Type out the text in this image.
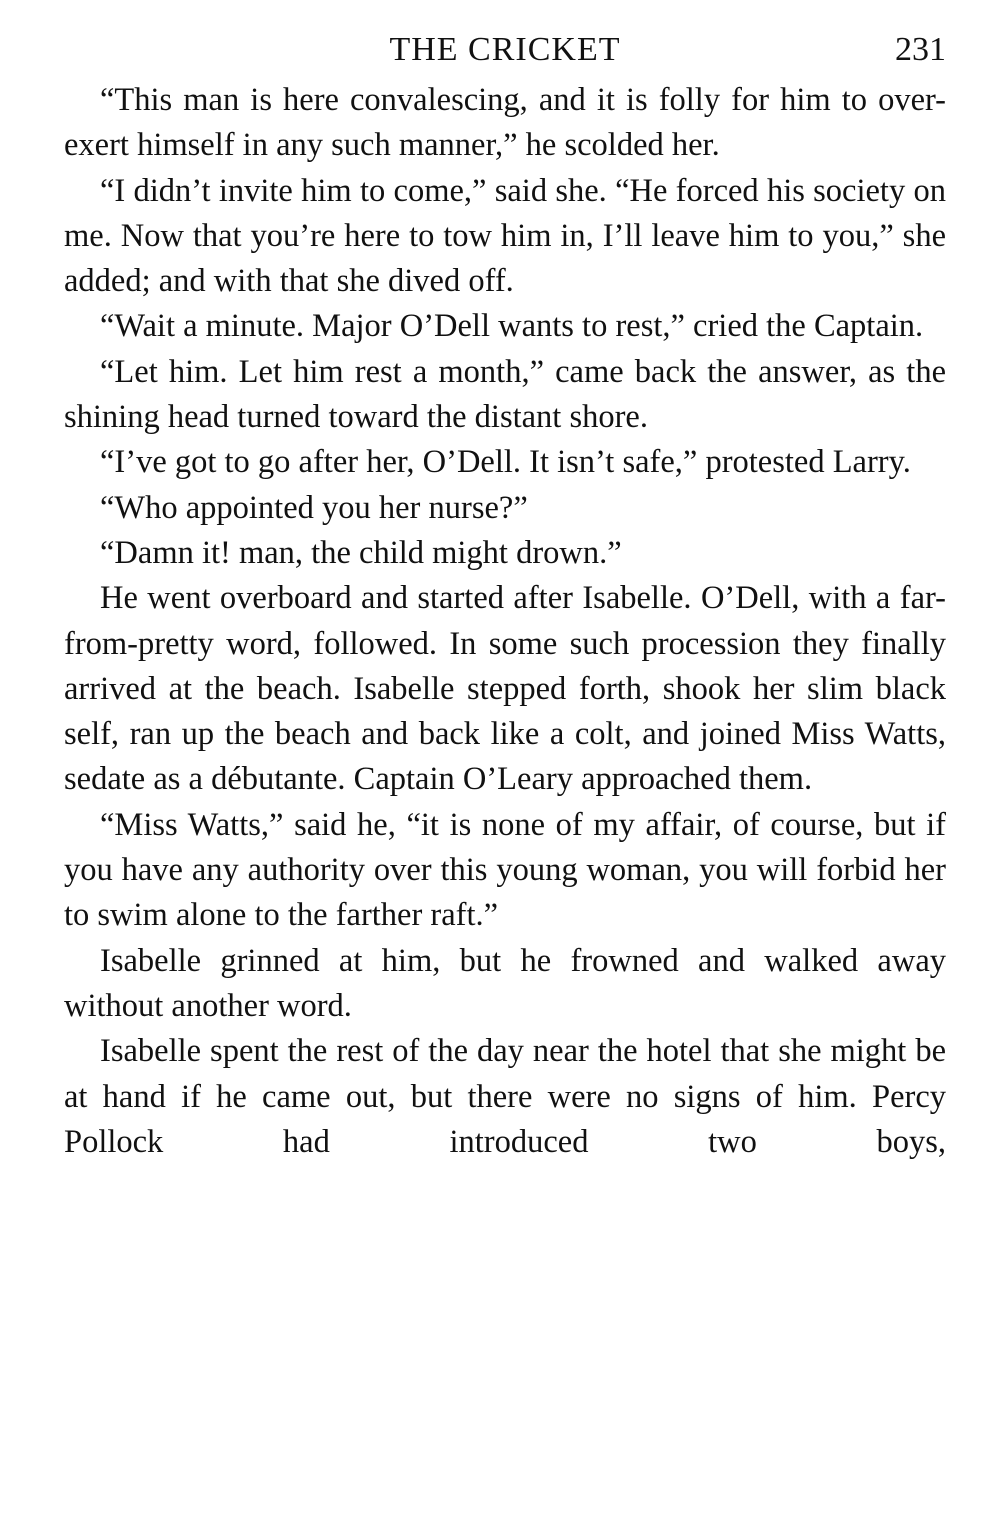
THE CRICKET	231

“This man is here convalescing, and it is folly for him to over-exert himself in any such manner,” he scolded her.

“I didn’t invite him to come,” said she. “He forced his society on me. Now that you’re here to tow him in, I’ll leave him to you,” she added; and with that she dived off.

“Wait a minute. Major O’Dell wants to rest,” cried the Captain.

“Let him. Let him rest a month,” came back the answer, as the shining head turned toward the distant shore.

“I’ve got to go after her, O’Dell. It isn’t safe,” protested Larry.

“Who appointed you her nurse?”

“Damn it! man, the child might drown.”

He went overboard and started after Isabelle. O’Dell, with a far-from-pretty word, followed. In some such procession they finally arrived at the beach. Isabelle stepped forth, shook her slim black self, ran up the beach and back like a colt, and joined Miss Watts, sedate as a débutante. Captain O’Leary approached them.

“Miss Watts,” said he, “it is none of my affair, of course, but if you have any authority over this young woman, you will forbid her to swim alone to the farther raft.”

Isabelle grinned at him, but he frowned and walked away without another word.

Isabelle spent the rest of the day near the hotel that she might be at hand if he came out, but there were no signs of him. Percy Pollock had introduced two boys,
